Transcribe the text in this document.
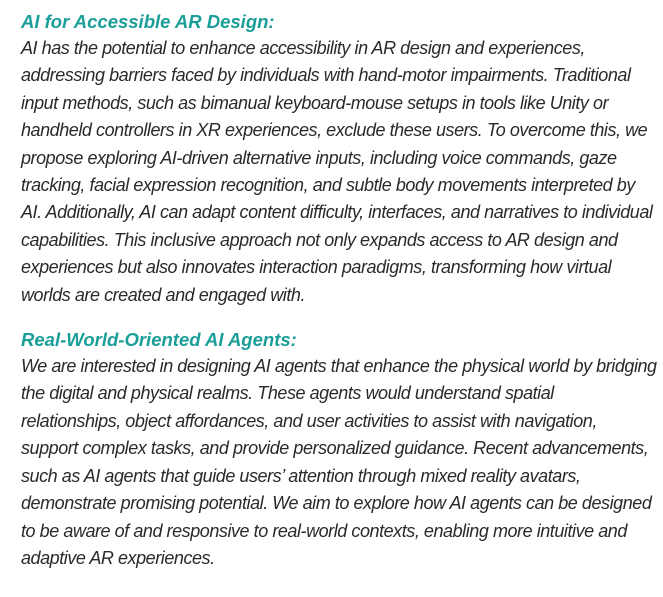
AI for Accessible AR Design:

AI has the potential to enhance accessibility in AR design and experiences, addressing barriers faced by individuals with hand-motor impairments. Traditional input methods, such as bimanual keyboard-mouse setups in tools like Unity or handheld controllers in XR experiences, exclude these users. To overcome this, we propose exploring AI-driven alternative inputs, including voice commands, gaze tracking, facial expression recognition, and subtle body movements interpreted by AI. Additionally, AI can adapt content difficulty, interfaces, and narratives to individual capabilities. This inclusive approach not only expands access to AR design and experiences but also innovates interaction paradigms, transforming how virtual worlds are created and engaged with.

Real-World-Oriented AI Agents:

We are interested in designing AI agents that enhance the physical world by bridging the digital and physical realms. These agents would understand spatial relationships, object affordances, and user activities to assist with navigation, support complex tasks, and provide personalized guidance. Recent advancements, such as AI agents that guide users’ attention through mixed reality avatars, demonstrate promising potential. We aim to explore how AI agents can be designed to be aware of and responsive to real-world contexts, enabling more intuitive and adaptive AR experiences.
